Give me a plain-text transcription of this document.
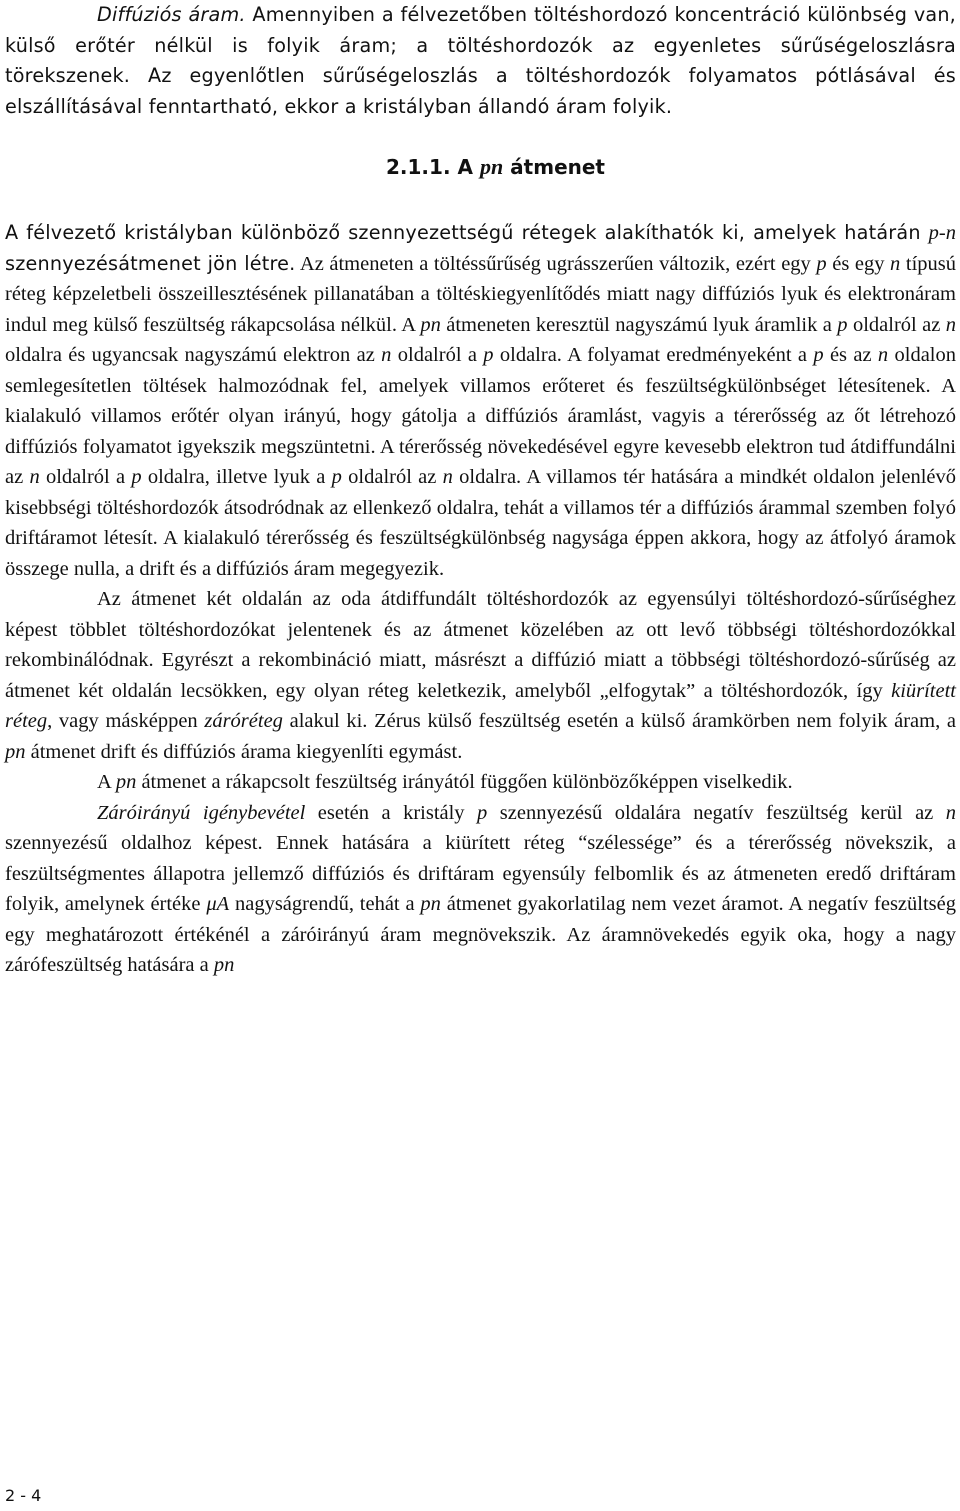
Diffúziós áram. Amennyiben a félvezetőben töltéshordozó koncentráció különbség van, külső erőtér nélkül is folyik áram; a töltéshordozók az egyenletes sűrűségeloszlásra törekszenek. Az egyenlőtlen sűrűségeloszlás a töltéshordozók folyamatos pótlásával és elszállításával fenntartható, ekkor a kristályban állandó áram folyik.

2.1.1. A pn átmenet

A félvezető kristályban különböző szennyezettségű rétegek alakíthatók ki, amelyek határán p-n szennyezésátmenet jön létre. Az átmeneten a töltéssűrűség ugrásszerűen változik, ezért egy p és egy n típusú réteg képzeletbeli összeillesztésének pillanatában a töltéskiegyenlítődés miatt nagy diffúziós lyuk és elektronáram indul meg külső feszültség rákapcsolása nélkül. A pn átmeneten keresztül nagyszámú lyuk áramlik a p oldalról az n oldalra és ugyancsak nagyszámú elektron az n oldalról a p oldalra. A folyamat eredményeként a p és az n oldalon semlegesítetlen töltések halmozódnak fel, amelyek villamos erőteret és feszültségkülönbséget létesítenek. A kialakuló villamos erőtér olyan irányú, hogy gátolja a diffúziós áramlást, vagyis a térerősség az őt létrehozó diffúziós folyamatot igyekszik megszüntetni. A térerősség növekedésével egyre kevesebb elektron tud átdiffundálni az n oldalról a p oldalra, illetve lyuk a p oldalról az n oldalra. A villamos tér hatására a mindkét oldalon jelenlévő kisebbségi töltéshordozók átsodródnak az ellenkező oldalra, tehát a villamos tér a diffúziós árammal szemben folyó driftáramot létesít. A kialakuló térerősség és feszültségkülönbség nagysága éppen akkora, hogy az átfolyó áramok összege nulla, a drift és a diffúziós áram megegyezik.

Az átmenet két oldalán az oda átdiffundált töltéshordozók az egyensúlyi töltéshordozó-sűrűséghez képest többlet töltéshordozókat jelentenek és az átmenet közelében az ott levő többségi töltéshordozókkal rekombinálódnak. Egyrészt a rekombináció miatt, másrészt a diffúzió miatt a többségi töltéshordozó-sűrűség az átmenet két oldalán lecsökken, egy olyan réteg keletkezik, amelyből „elfogytak” a töltéshordozók, így kiürített réteg, vagy másképpen záróréteg alakul ki. Zérus külső feszültség esetén a külső áramkörben nem folyik áram, a pn átmenet drift és diffúziós árama kiegyenlíti egymást.

A pn átmenet a rákapcsolt feszültség irányától függően különbözőképpen viselkedik.

Záróirányú igénybevétel esetén a kristály p szennyezésű oldalára negatív feszültség kerül az n szennyezésű oldalhoz képest. Ennek hatására a kiürített réteg “szélessége” és a térerősség növekszik, a feszültségmentes állapotra jellemző diffúziós és driftáram egyensúly felbomlik és az átmeneten eredő driftáram folyik, amelynek értéke μA nagyságrendű, tehát a pn átmenet gyakorlatilag nem vezet áramot. A negatív feszültség egy meghatározott értékénél a záróirányú áram megnövekszik. Az áramnövekedés egyik oka, hogy a nagy zárófeszültség hatására a pn

2 - 4
